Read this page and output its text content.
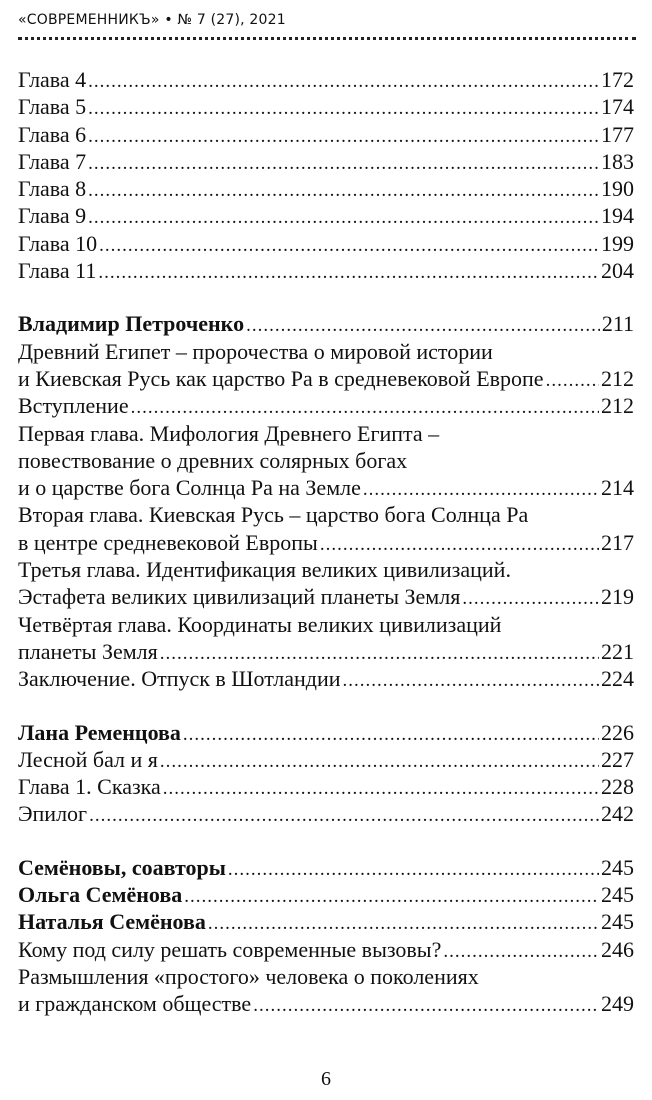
«СОВРЕМЕННИКЪ» • № 7 (27), 2021
Глава 4 .....	172
Глава 5 .....	174
Глава 6 .....	177
Глава 7 .....	183
Глава 8 .....	190
Глава 9 .....	194
Глава 10 .....	199
Глава 11 .....	204
Владимир Петроченко .....	211
Древний Египет – пророчества о мировой истории
и Киевская Русь как царство Ра в средневековой Европе .....	212
Вступление .....	212
Первая глава. Мифология Древнего Египта –
повествование о древних солярных богах
и о царстве бога Солнца Ра на Земле .....	214
Вторая глава. Киевская Русь – царство бога Солнца Ра
в центре средневековой Европы .....	217
Третья глава. Идентификация великих цивилизаций.
Эстафета великих цивилизаций планеты Земля .....	219
Четвёртая глава. Координаты великих цивилизаций
планеты Земля .....	221
Заключение. Отпуск в Шотландии .....	224
Лана Ременцова .....	226
Лесной бал и я .....	227
Глава 1. Сказка .....	228
Эпилог .....	242
Семёновы, соавторы .....	245
Ольга Семёнова .....	245
Наталья Семёнова .....	245
Кому под силу решать современные вызовы? .....	246
Размышления «простого» человека о поколениях
и гражданском обществе .....	249
6
